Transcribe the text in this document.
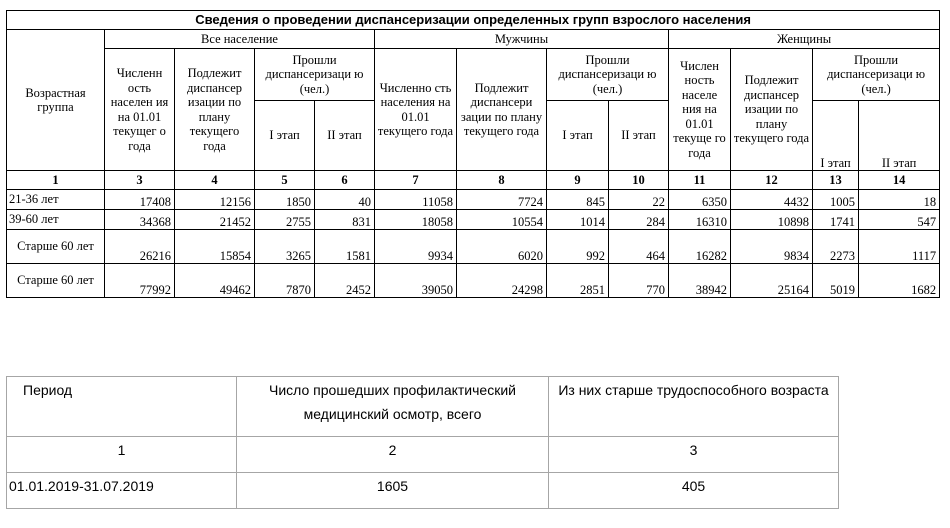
Сведения о проведении диспансеризации определенных групп взрослого населения												
Возрастная группа	Все население				Мужчины				Женщины			
	Численн ость населен ия на 01.01 текущег о года	Подлежит диспансер изации по плану текущего года	Прошли диспансеризаци ю (чел.)		Численно сть населения на 01.01 текущего года	Подлежит диспансери зации по плану текущего года	Прошли диспансеризаци ю (чел.)		Числен ность населе ния на 01.01 текуще го года	Подлежит диспансер изации по плану текущего года	Прошли диспансеризаци ю (чел.)	
			I этап	II этап			I этап	II этап			I этап	II этап
1	3	4	5	6	7	8	9	10	11	12	13	14
21-36 лет	17408	12156	1850	40	11058	7724	845	22	6350	4432	1005	18
39-60 лет	34368	21452	2755	831	18058	10554	1014	284	16310	10898	1741	547
Старше 60 лет	26216	15854	3265	1581	9934	6020	992	464	16282	9834	2273	1117
Старше 60 лет	77992	49462	7870	2452	39050	24298	2851	770	38942	25164	5019	1682
Период	Число прошедших профилактический медицинский осмотр, всего	Из них старше трудоспособного возраста
1	2	3
01.01.2019-31.07.2019	1605	405
